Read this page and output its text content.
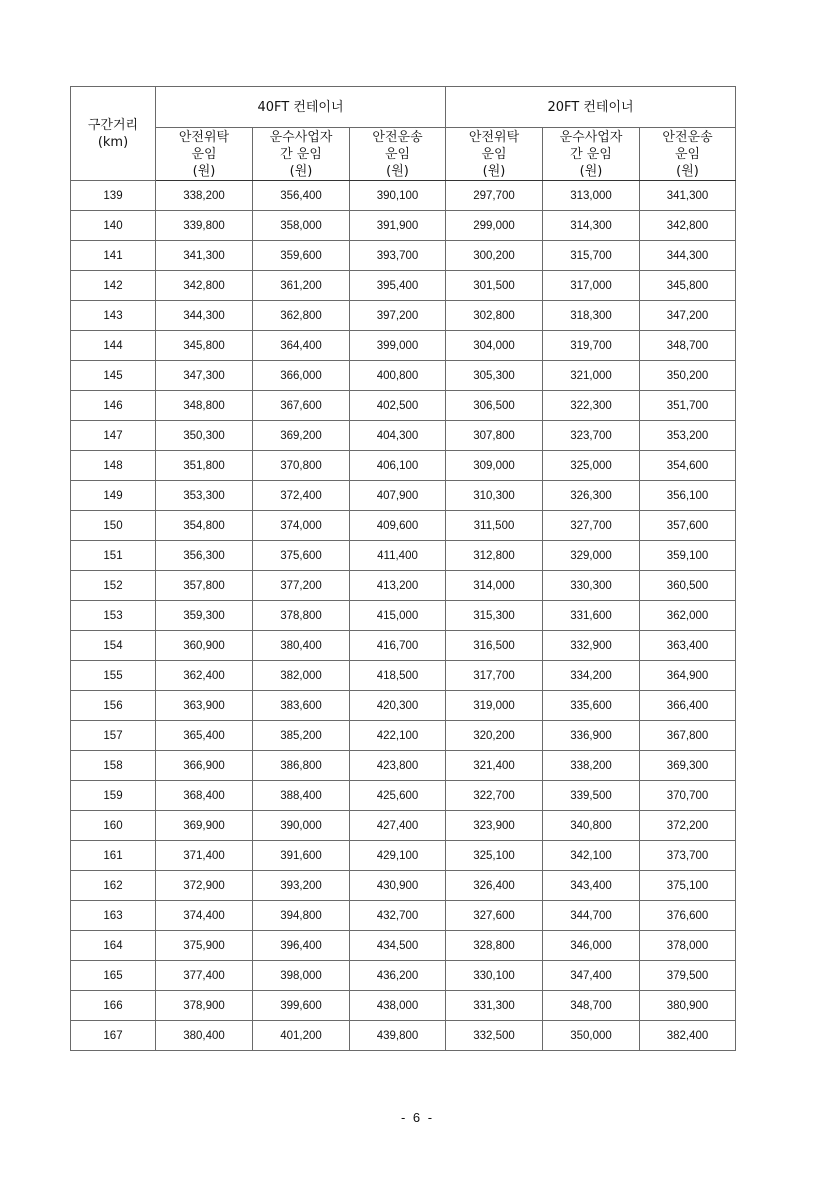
구간거리
(km)	40FT 컨테이너			20FT 컨테이너		

	안전위탁
운임
(원)	운수사업자
간 운임
(원)	안전운송
운임
(원)	안전위탁
운임
(원)	운수사업자
간 운임
(원)	안전운송
운임
(원)

139	338,200	356,400	390,100	297,700	313,000	341,300
140	339,800	358,000	391,900	299,000	314,300	342,800
141	341,300	359,600	393,700	300,200	315,700	344,300
142	342,800	361,200	395,400	301,500	317,000	345,800
143	344,300	362,800	397,200	302,800	318,300	347,200
144	345,800	364,400	399,000	304,000	319,700	348,700
145	347,300	366,000	400,800	305,300	321,000	350,200
146	348,800	367,600	402,500	306,500	322,300	351,700
147	350,300	369,200	404,300	307,800	323,700	353,200
148	351,800	370,800	406,100	309,000	325,000	354,600
149	353,300	372,400	407,900	310,300	326,300	356,100
150	354,800	374,000	409,600	311,500	327,700	357,600
151	356,300	375,600	411,400	312,800	329,000	359,100
152	357,800	377,200	413,200	314,000	330,300	360,500
153	359,300	378,800	415,000	315,300	331,600	362,000
154	360,900	380,400	416,700	316,500	332,900	363,400
155	362,400	382,000	418,500	317,700	334,200	364,900
156	363,900	383,600	420,300	319,000	335,600	366,400
157	365,400	385,200	422,100	320,200	336,900	367,800
158	366,900	386,800	423,800	321,400	338,200	369,300
159	368,400	388,400	425,600	322,700	339,500	370,700
160	369,900	390,000	427,400	323,900	340,800	372,200
161	371,400	391,600	429,100	325,100	342,100	373,700
162	372,900	393,200	430,900	326,400	343,400	375,100
163	374,400	394,800	432,700	327,600	344,700	376,600
164	375,900	396,400	434,500	328,800	346,000	378,000
165	377,400	398,000	436,200	330,100	347,400	379,500
166	378,900	399,600	438,000	331,300	348,700	380,900
167	380,400	401,200	439,800	332,500	350,000	382,400
- 6 -
